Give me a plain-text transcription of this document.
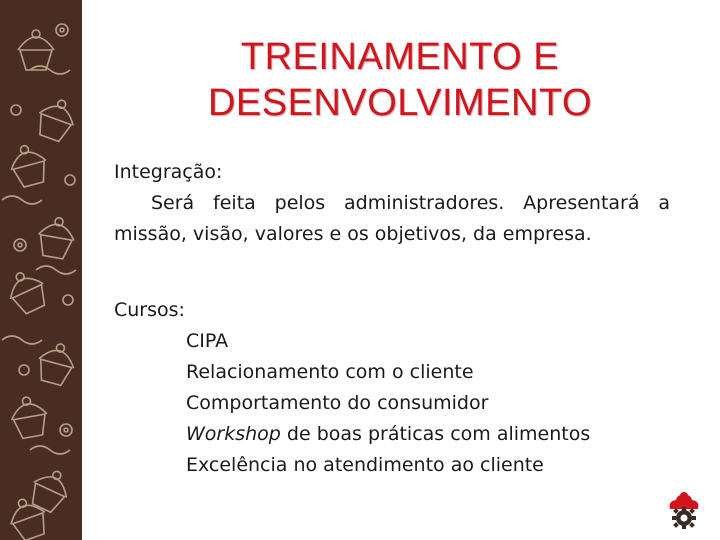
TREINAMENTO E DESENVOLVIMENTO
Integração:

Será feita pelos administradores. Apresentará a missão, visão, valores e os objetivos, da empresa.

Cursos:
CIPA
Relacionamento com o cliente
Comportamento do consumidor
Workshop de boas práticas com alimentos
Excelência no atendimento ao cliente
